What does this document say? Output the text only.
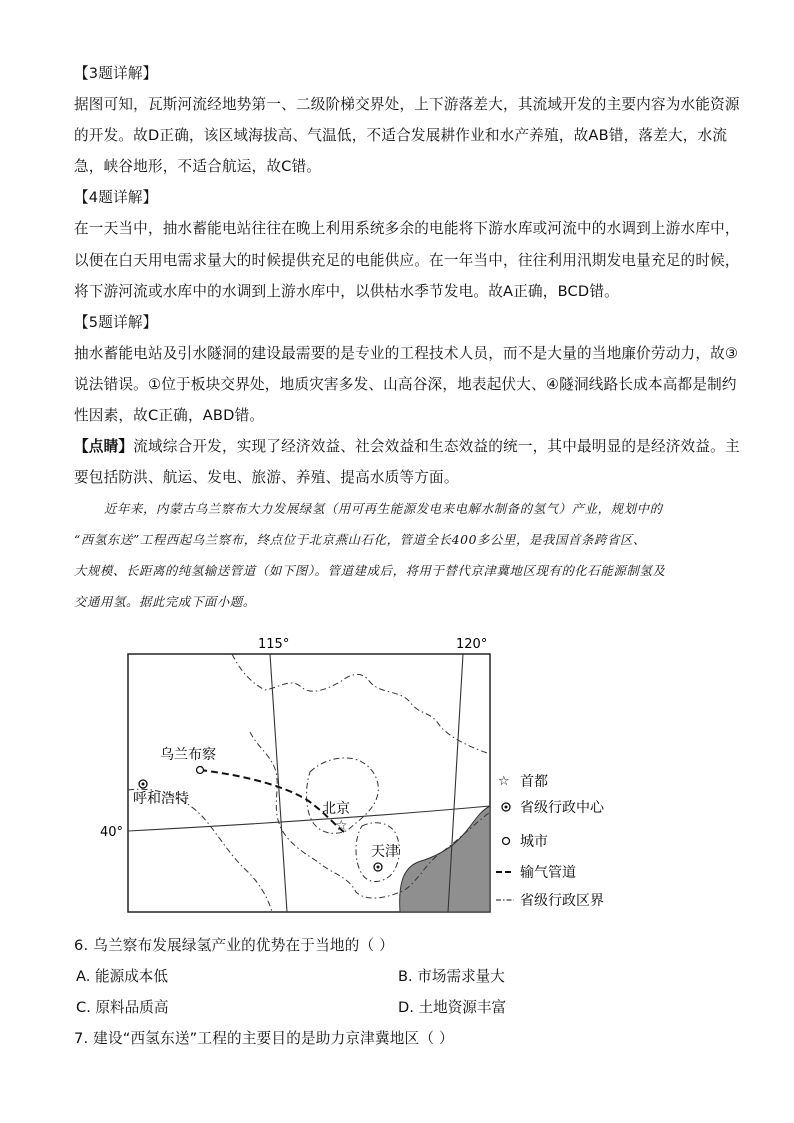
【3题详解】
据图可知，瓦斯河流经地势第一、二级阶梯交界处，上下游落差大，其流域开发的主要内容为水能资源
的开发。故D正确，该区域海拔高、气温低，不适合发展耕作业和水产养殖，故AB错，落差大，水流
急，峡谷地形，不适合航运，故C错。
【4题详解】
在一天当中，抽水蓄能电站往往在晚上利用系统多余的电能将下游水库或河流中的水调到上游水库中，
以便在白天用电需求量大的时候提供充足的电能供应。在一年当中，往往利用汛期发电量充足的时候，
将下游河流或水库中的水调到上游水库中，以供枯水季节发电。故A正确，BCD错。
【5题详解】
抽水蓄能电站及引水隧洞的建设最需要的是专业的工程技术人员，而不是大量的当地廉价劳动力，故③
说法错误。①位于板块交界处，地质灾害多发、山高谷深，地表起伏大、④隧洞线路长成本高都是制约
性因素，故C正确，ABD错。
【点睛】流域综合开发，实现了经济效益、社会效益和生态效益的统一，其中最明显的是经济效益。主
要包括防洪、航运、发电、旅游、养殖、提高水质等方面。
近年来，内蒙古乌兰察布大力发展绿氢（用可再生能源发电来电解水制备的氢气）产业，规划中的
“西氢东送”工程西起乌兰察布，终点位于北京燕山石化，管道全长400多公里，是我国首条跨省区、
大规模、长距离的纯氢输送管道（如下图）。管道建成后，将用于替代京津冀地区现有的化石能源制氢及
交通用氢。据此完成下面小题。
乌兰布察
呼和浩特
☆
北京
天津
115°	120°
40°
☆ 首都
省级行政中心
城市
输气管道
省级行政区界
6. 乌兰察布发展绿氢产业的优势在于当地的（ ）
A. 能源成本低	B. 市场需求量大
C. 原料品质高	D. 土地资源丰富
7. 建设“西氢东送”工程的主要目的是助力京津冀地区（ ）
